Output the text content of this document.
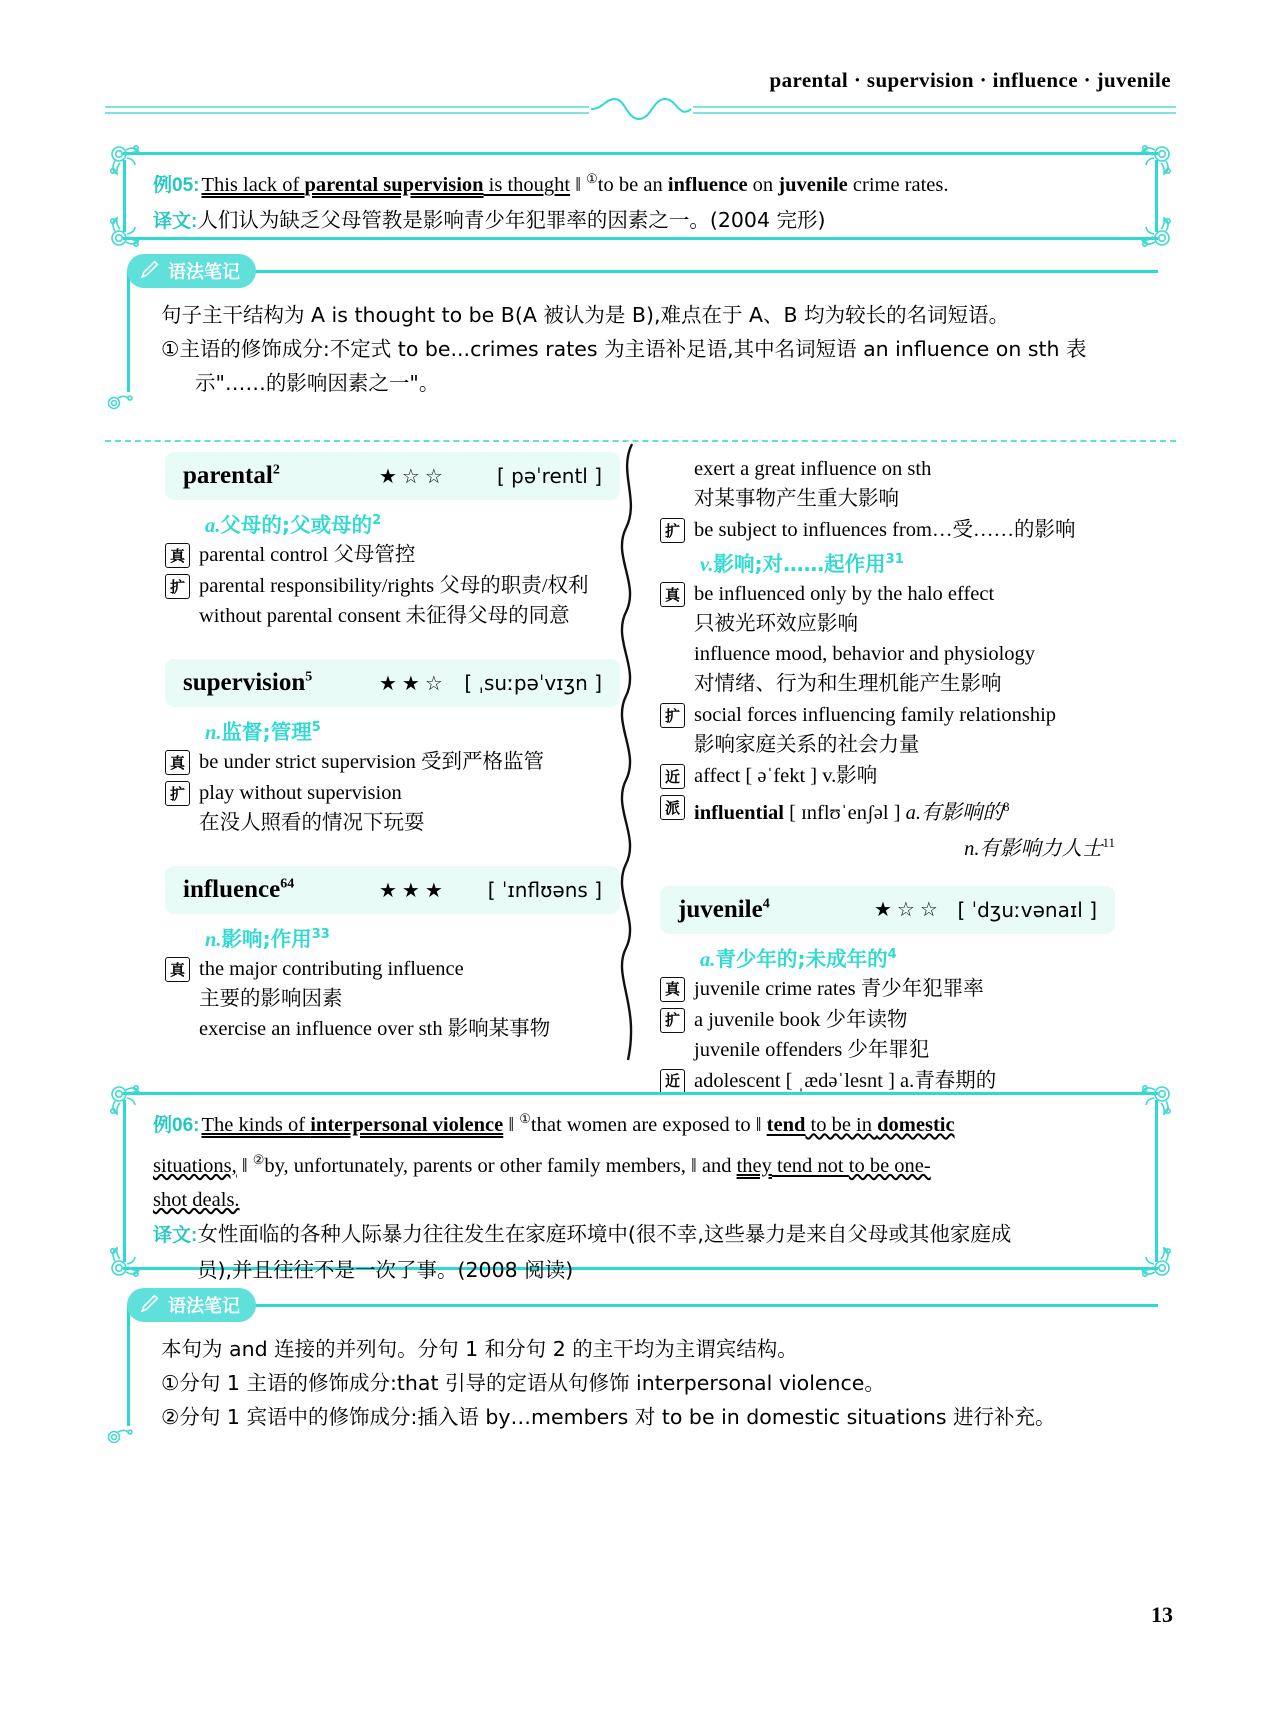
parental · supervision · influence · juvenile
例05:This lack of parental supervision is thought ‖ ①to be an influence on juvenile crime rates.
译文:人们认为缺乏父母管教是影响青少年犯罪率的因素之一。(2004 完形)
语法笔记
句子主干结构为 A is thought to be B(A 被认为是 B),难点在于 A、B 均为较长的名词短语。
①主语的修饰成分:不定式 to be...crimes rates 为主语补足语,其中名词短语 an influence on sth 表
示"……的影响因素之一"。
parental$^2$	★☆☆	[ pəˈrentl ]
a.父母的;父或母的$^2$
真 parental control 父母管控
扩 parental responsibility/rights 父母的职责/权利
without parental consent 未征得父母的同意
supervision$^5$	★★☆ [ ˌsuːpəˈvɪʒn ]
n.监督;管理$^5$
真 be under strict supervision 受到严格监管
扩 play without supervision
在没人照看的情况下玩耍
influence$^{64}$	★★★	[ ˈɪnflʊəns ]
n.影响;作用$^{33}$
真 the major contributing influence
主要的影响因素
exercise an influence over sth 影响某事物
exert a great influence on sth
对某事物产生重大影响
扩 be subject to influences from…受……的影响
v.影响;对……起作用$^{31}$
真 be influenced only by the halo effect
只被光环效应影响
influence mood, behavior and physiology
对情绪、行为和生理机能产生影响
扩 social forces influencing family relationship
影响家庭关系的社会力量
近 affect [ əˈfekt ] v.影响
派 influential [ ɪnflʊˈenʃəl ] a.有影响的$^8$
n.有影响力人士$^{11}$
juvenile$^4$	★☆☆ [ ˈdʒuːvənaɪl ]
a.青少年的;未成年的$^4$
真 juvenile crime rates 青少年犯罪率
扩 a juvenile book 少年读物
juvenile offenders 少年罪犯
近 adolescent [ ˌædəˈlesnt ] a.青春期的
例06:The kinds of interpersonal violence ‖ ①that women are exposed to ‖ tend to be in domestic
situations, ‖ ②by, unfortunately, parents or other family members, ‖ and they tend not to be one-
shot deals.
译文:女性面临的各种人际暴力往往发生在家庭环境中(很不幸,这些暴力是来自父母或其他家庭成
员),并且往往不是一次了事。(2008 阅读)
语法笔记
本句为 and 连接的并列句。分句 1 和分句 2 的主干均为主谓宾结构。
①分句 1 主语的修饰成分:that 引导的定语从句修饰 interpersonal violence。
②分句 1 宾语中的修饰成分:插入语 by…members 对 to be in domestic situations 进行补充。
13
